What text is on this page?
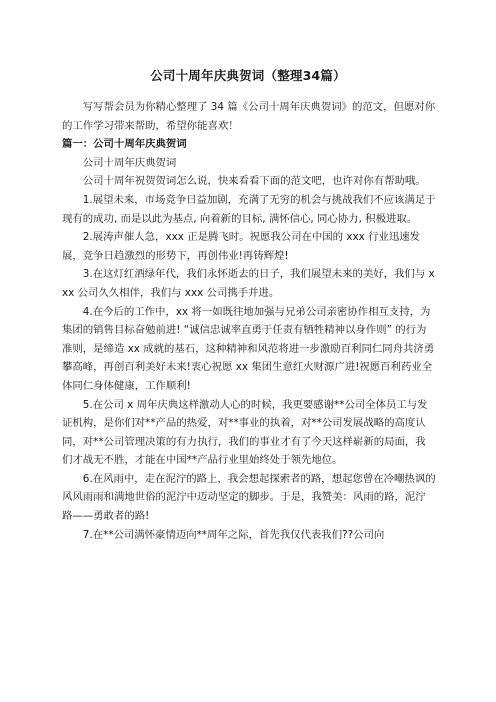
公司十周年庆典贺词（整理34篇）

写写帮会员为你精心整理了 34 篇《公司十周年庆典贺词》的范文，但愿对你的工作学习带来帮助，希望你能喜欢！

篇一：公司十周年庆典贺词

公司十周年庆典贺词

公司十周年祝贺贺词怎么说，快来看看下面的范文吧，也许对你有帮助哦。

1.展望未来，市场竞争日益加剧，充满了无穷的机会与挑战我们不应该满足于现有的成功, 而是以此为基点, 向着新的目标, 满怀信心, 同心协力, 积极进取。

2.展涛声催人急，xxx 正是腾飞时。祝愿我公司在中国的 xxx 行业迅速发展，竞争日趋激烈的形势下，再创伟业!再铸辉煌!

3.在这灯红酒绿年代，我们永怀逝去的日子，我们展望未来的美好，我们与 xxx 公司久久相伴，我们与 xxx 公司携手并进。

4.在今后的工作中，xx 将一如既往地加强与兄弟公司亲密协作相互支持，为集团的销售目标奋勉前进! “诚信忠诚率直勇于任责有牺牲精神以身作则” 的行为准则，是缔造 xx 成就的基石，这种精神和风范将进一步激励百利同仁同舟共济勇攀高峰，再创百利美好未来!衷心祝愿 xx 集团生意红火财源广进!祝愿百利药业全体同仁身体健康，工作顺利!

5.在公司 x 周年庆典这样激动人心的时候，我更要感谢**公司全体员工与发证机构，是你们对**产品的热爱，对**事业的执着，对**公司发展战略的高度认同，对**公司管理决策的有力执行，我们的事业才有了今天这样崭新的局面，我们才战无不胜，才能在中国**产品行业里始终处于领先地位。

6.在风雨中，走在泥泞的路上，我会想起探索者的路，想起您曾在冷嘲热讽的风风雨雨和满地世俗的泥泞中迈动坚定的脚步。于是，我赞美：风雨的路，泥泞路——勇敢者的路!

7.在**公司满怀豪情迈向**周年之际，首先我仅代表我们??公司向
